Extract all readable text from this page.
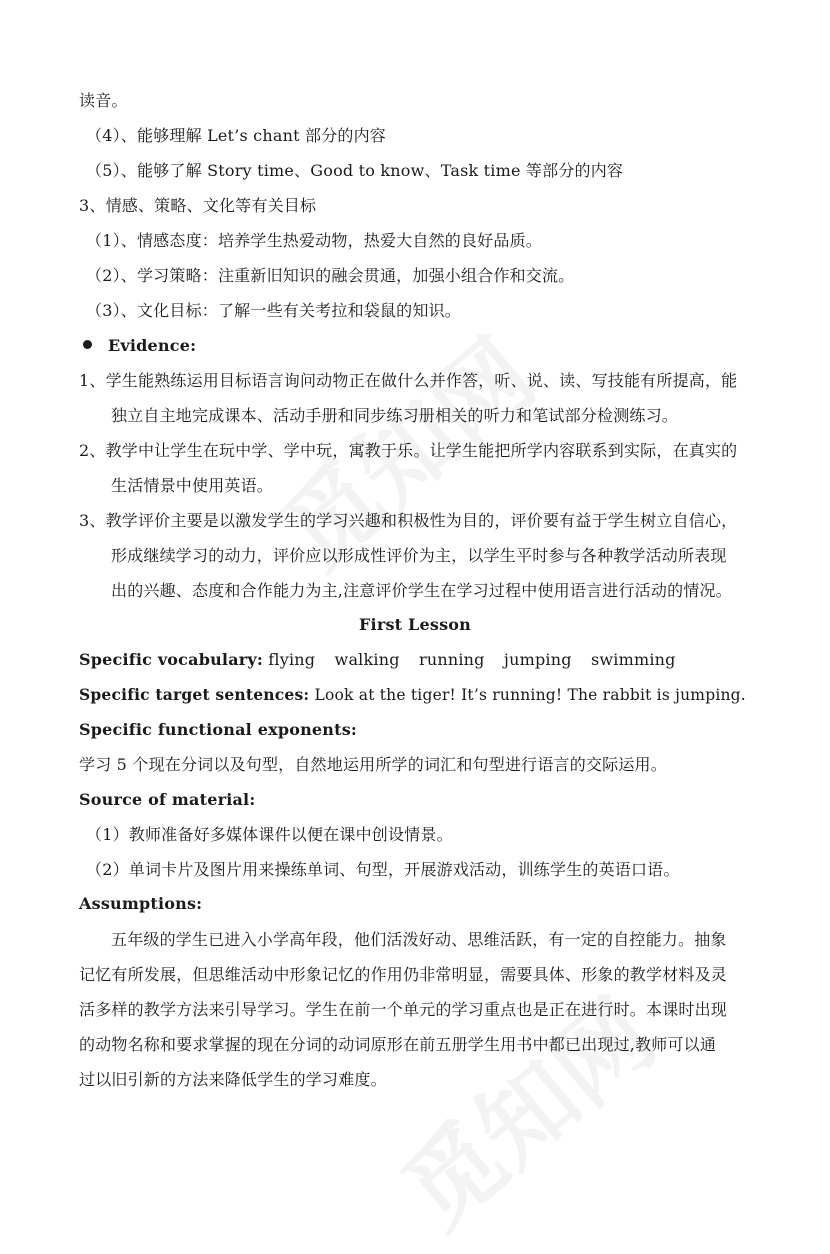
读音。
（4）、能够理解 Let’s chant 部分的内容
（5）、能够了解 Story time、Good to know、Task time 等部分的内容
3、情感、策略、文化等有关目标
（1）、情感态度：培养学生热爱动物，热爱大自然的良好品质。
（2）、学习策略：注重新旧知识的融会贯通，加强小组合作和交流。
（3）、文化目标：了解一些有关考拉和袋鼠的知识。
Evidence:
1、学生能熟练运用目标语言询问动物正在做什么并作答，听、说、读、写技能有所提高，能
独立自主地完成课本、活动手册和同步练习册相关的听力和笔试部分检测练习。
2、教学中让学生在玩中学、学中玩，寓教于乐。让学生能把所学内容联系到实际，在真实的
生活情景中使用英语。
3、教学评价主要是以激发学生的学习兴趣和积极性为目的，评价要有益于学生树立自信心，
形成继续学习的动力，评价应以形成性评价为主，以学生平时参与各种教学活动所表现
出的兴趣、态度和合作能力为主,注意评价学生在学习过程中使用语言进行活动的情况。
First Lesson
Specific vocabulary: flying walking running jumping swimming
Specific target sentences: Look at the tiger! It’s running! The rabbit is jumping.
Specific functional exponents:
学习 5 个现在分词以及句型，自然地运用所学的词汇和句型进行语言的交际运用。
Source of material:
（1）教师准备好多媒体课件以便在课中创设情景。
（2）单词卡片及图片用来操练单词、句型，开展游戏活动，训练学生的英语口语。
Assumptions:
五年级的学生已进入小学高年段，他们活泼好动、思维活跃，有一定的自控能力。抽象
记忆有所发展，但思维活动中形象记忆的作用仍非常明显，需要具体、形象的教学材料及灵
活多样的教学方法来引导学习。学生在前一个单元的学习重点也是正在进行时。本课时出现
的动物名称和要求掌握的现在分词的动词原形在前五册学生用书中都已出现过,教师可以通
过以旧引新的方法来降低学生的学习难度。
